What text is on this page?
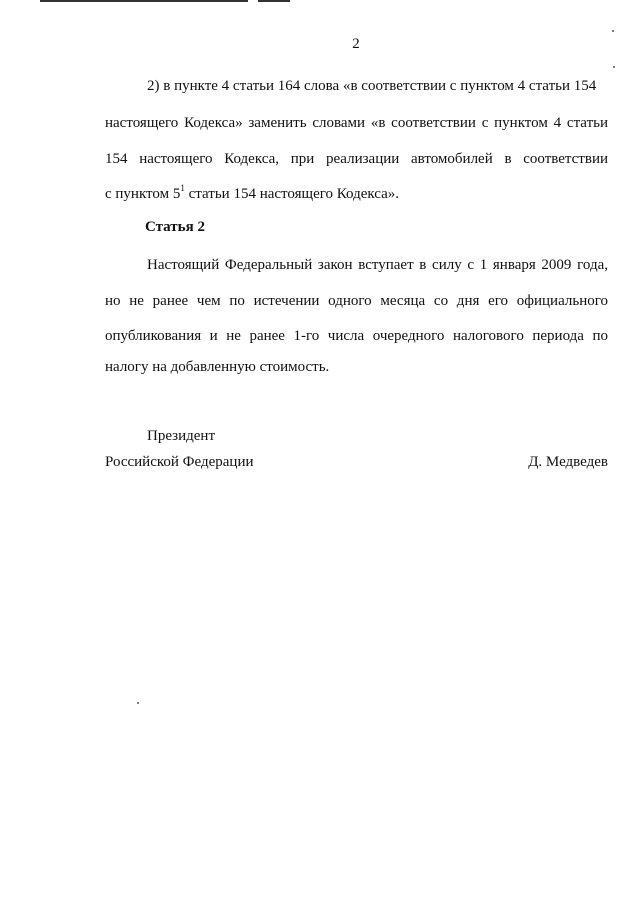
2
2) в пункте 4 статьи 164 слова «в соответствии с пунктом 4 статьи 154
настоящего Кодекса» заменить словами «в соответствии с пунктом 4 статьи
154 настоящего Кодекса, при реализации автомобилей в соответствии
с пунктом $5^1$ статьи 154 настоящего Кодекса».
Статья 2
Настоящий Федеральный закон вступает в силу с 1 января 2009 года,
но не ранее чем по истечении одного месяца со дня его официального
опубликования и не ранее 1-го числа очередного налогового периода по
налогу на добавленную стоимость.
Президент
Российской Федерации	Д. Медведев
